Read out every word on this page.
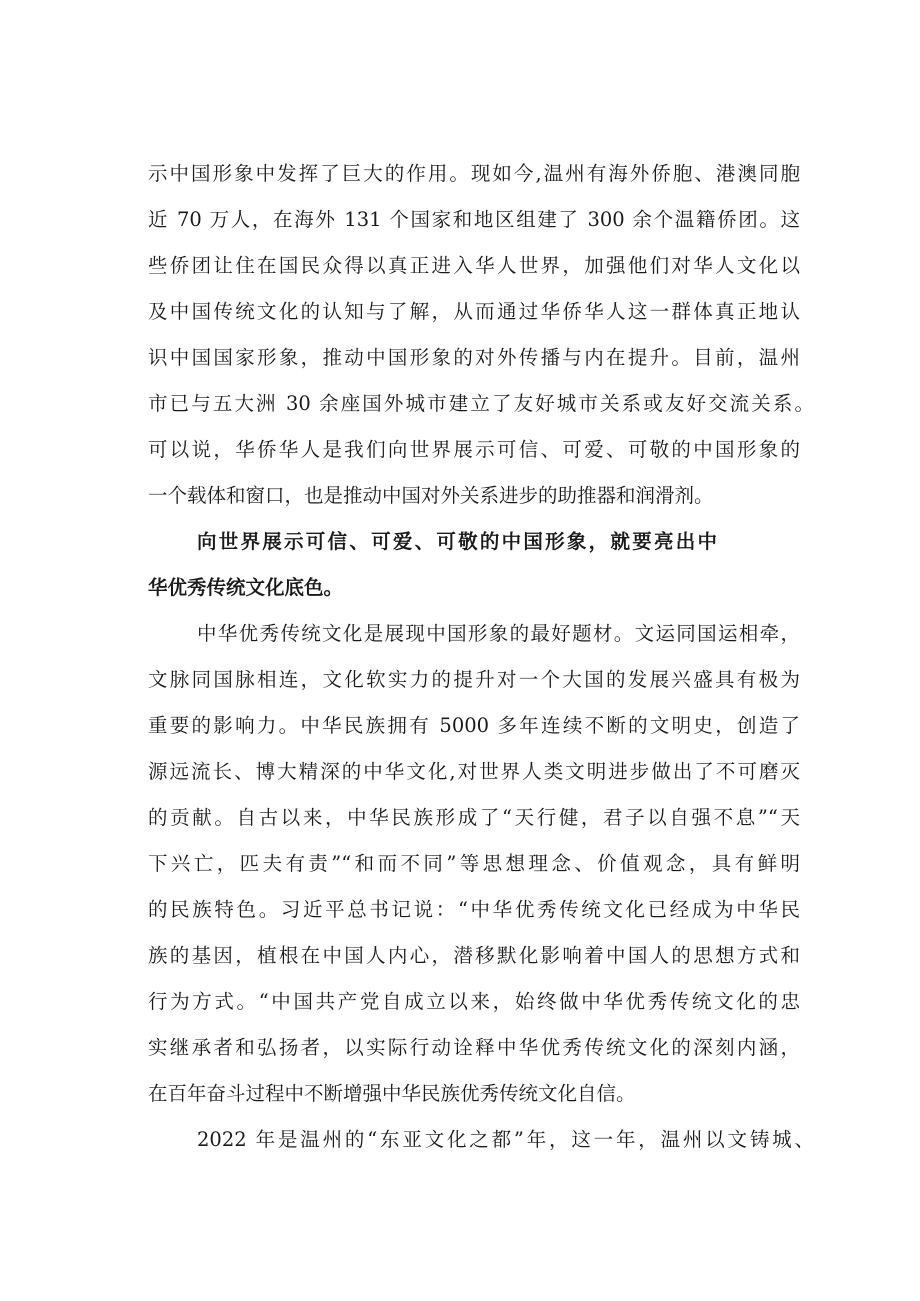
示中国形象中发挥了巨大的作用。现如今,温州有海外侨胞、港澳同胞

近 70 万人，在海外 131 个国家和地区组建了 300 余个温籍侨团。这

些侨团让住在国民众得以真正进入华人世界，加强他们对华人文化以

及中国传统文化的认知与了解，从而通过华侨华人这一群体真正地认

识中国国家形象，推动中国形象的对外传播与内在提升。目前，温州

市已与五大洲 30 余座国外城市建立了友好城市关系或友好交流关系。

可以说，华侨华人是我们向世界展示可信、可爱、可敬的中国形象的

一个载体和窗口，也是推动中国对外关系进步的助推器和润滑剂。

向世界展示可信、可爱、可敬的中国形象，就要亮出中

华优秀传统文化底色。

中华优秀传统文化是展现中国形象的最好题材。文运同国运相牵，

文脉同国脉相连，文化软实力的提升对一个大国的发展兴盛具有极为

重要的影响力。中华民族拥有 5000 多年连续不断的文明史，创造了

源远流长、博大精深的中华文化,对世界人类文明进步做出了不可磨灭

的贡献。自古以来，中华民族形成了“天行健，君子以自强不息”“天

下兴亡，匹夫有责”“和而不同”等思想理念、价值观念，具有鲜明

的民族特色。习近平总书记说：“中华优秀传统文化已经成为中华民

族的基因，植根在中国人内心，潜移默化影响着中国人的思想方式和

行为方式。“中国共产党自成立以来，始终做中华优秀传统文化的忠

实继承者和弘扬者，以实际行动诠释中华优秀传统文化的深刻内涵，

在百年奋斗过程中不断增强中华民族优秀传统文化自信。

2022 年是温州的“东亚文化之都”年，这一年，温州以文铸城、
